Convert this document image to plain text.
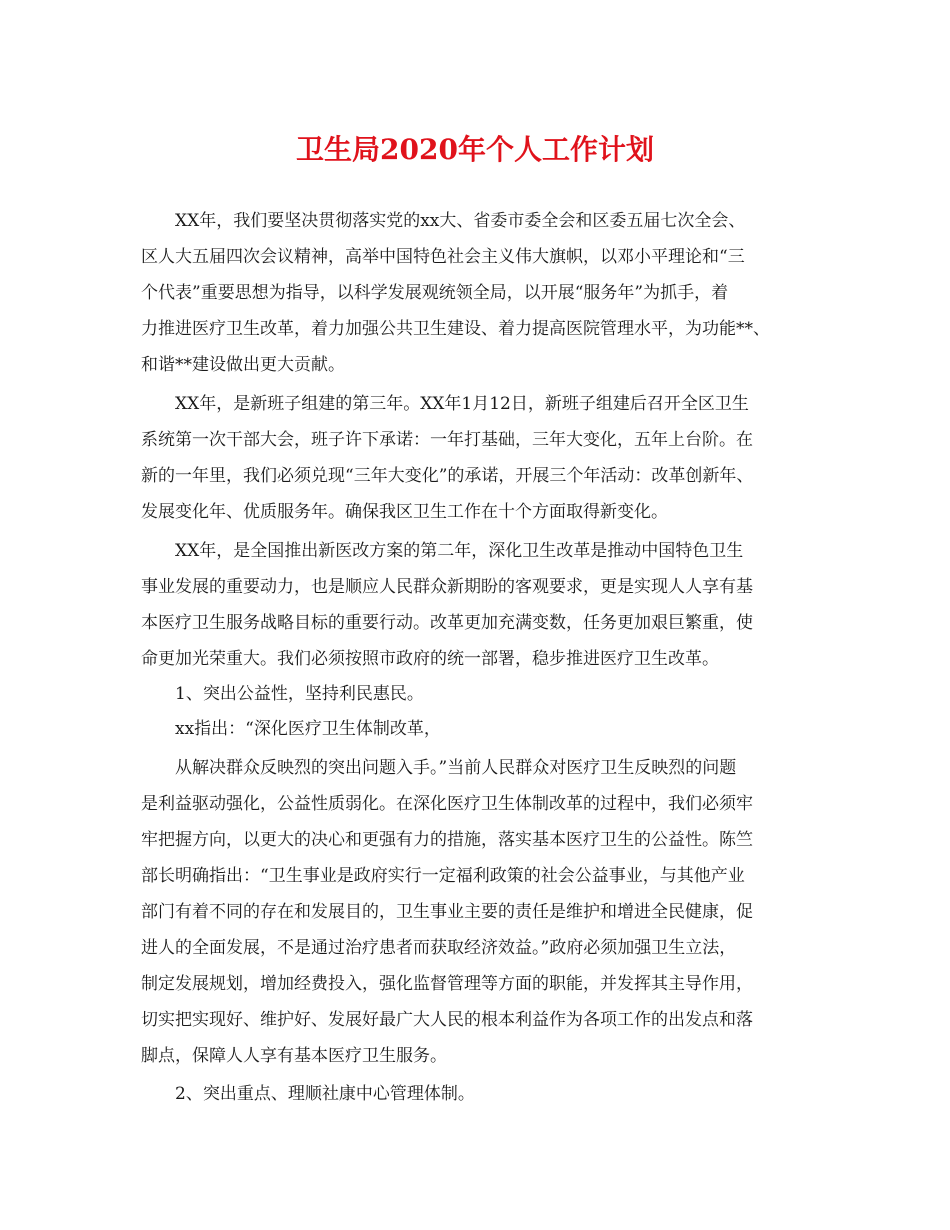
卫生局2020年个人工作计划
XX年，我们要坚决贯彻落实党的xx大、省委市委全会和区委五届七次全会、
区人大五届四次会议精神，高举中国特色社会主义伟大旗帜，以邓小平理论和“三
个代表”重要思想为指导，以科学发展观统领全局，以开展“服务年”为抓手，着
力推进医疗卫生改革，着力加强公共卫生建设、着力提高医院管理水平，为功能**、
和谐**建设做出更大贡献。
XX年，是新班子组建的第三年。XX年1月12日，新班子组建后召开全区卫生
系统第一次干部大会，班子许下承诺：一年打基础，三年大变化，五年上台阶。在
新的一年里，我们必须兑现“三年大变化”的承诺，开展三个年活动：改革创新年、
发展变化年、优质服务年。确保我区卫生工作在十个方面取得新变化。
XX年，是全国推出新医改方案的第二年，深化卫生改革是推动中国特色卫生
事业发展的重要动力，也是顺应人民群众新期盼的客观要求，更是实现人人享有基
本医疗卫生服务战略目标的重要行动。改革更加充满变数，任务更加艰巨繁重，使
命更加光荣重大。我们必须按照市政府的统一部署，稳步推进医疗卫生改革。
1、突出公益性，坚持利民惠民。
xx指出：“深化医疗卫生体制改革，
从解决群众反映烈的突出问题入手。”当前人民群众对医疗卫生反映烈的问题
是利益驱动强化，公益性质弱化。在深化医疗卫生体制改革的过程中，我们必须牢
牢把握方向，以更大的决心和更强有力的措施，落实基本医疗卫生的公益性。陈竺
部长明确指出：“卫生事业是政府实行一定福利政策的社会公益事业，与其他产业
部门有着不同的存在和发展目的，卫生事业主要的责任是维护和增进全民健康，促
进人的全面发展，不是通过治疗患者而获取经济效益。”政府必须加强卫生立法，
制定发展规划，增加经费投入，强化监督管理等方面的职能，并发挥其主导作用，
切实把实现好、维护好、发展好最广大人民的根本利益作为各项工作的出发点和落
脚点，保障人人享有基本医疗卫生服务。
2、突出重点、理顺社康中心管理体制。
